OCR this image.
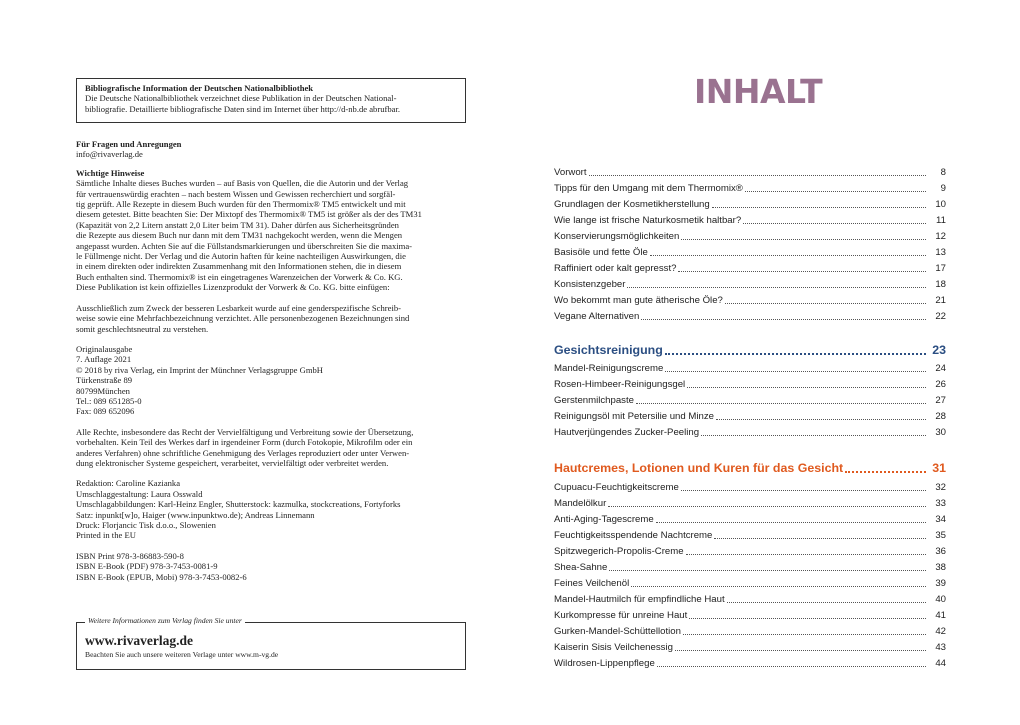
Bibliografische Information der Deutschen Nationalbibliothek

Die Deutsche Nationalbibliothek verzeichnet diese Publikation in der Deutschen National-
bibliografie. Detaillierte bibliografische Daten sind im Internet über http://d-nb.de abrufbar.

Für Fragen und Anregungen
info@rivaverlag.de
Wichtige Hinweise

Sämtliche Inhalte dieses Buches wurden – auf Basis von Quellen, die die Autorin und der Verlag
für vertrauenswürdig erachten – nach bestem Wissen und Gewissen recherchiert und sorgfäl-
tig geprüft. Alle Rezepte in diesem Buch wurden für den Thermomix® TM5 entwickelt und mit
diesem getestet. Bitte beachten Sie: Der Mixtopf des Thermomix® TM5 ist größer als der des TM31
(Kapazität von 2,2 Litern anstatt 2,0 Liter beim TM 31). Daher dürfen aus Sicherheitsgründen
die Rezepte aus diesem Buch nur dann mit dem TM31 nachgekocht werden, wenn die Mengen
angepasst wurden. Achten Sie auf die Füllstandsmarkierungen und überschreiten Sie die maxima-
le Füllmenge nicht. Der Verlag und die Autorin haften für keine nachteiligen Auswirkungen, die
in einem direkten oder indirekten Zusammenhang mit den Informationen stehen, die in diesem
Buch enthalten sind. Thermomix® ist ein eingetragenes Warenzeichen der Vorwerk & Co. KG.
Diese Publikation ist kein offizielles Lizenzprodukt der Vorwerk & Co. KG. bitte einfügen:

Ausschließlich zum Zweck der besseren Lesbarkeit wurde auf eine genderspezifische Schreib-
weise sowie eine Mehrfachbezeichnung verzichtet. Alle personenbezogenen Bezeichnungen sind
somit geschlechtsneutral zu verstehen.

Originalausgabe
7. Auflage 2021
© 2018 by riva Verlag, ein Imprint der Münchner Verlagsgruppe GmbH
Türkenstraße 89
80799München
Tel.: 089 651285-0
Fax: 089 652096

Alle Rechte, insbesondere das Recht der Vervielfältigung und Verbreitung sowie der Übersetzung,
vorbehalten. Kein Teil des Werkes darf in irgendeiner Form (durch Fotokopie, Mikrofilm oder ein
anderes Verfahren) ohne schriftliche Genehmigung des Verlages reproduziert oder unter Verwen-
dung elektronischer Systeme gespeichert, verarbeitet, vervielfältigt oder verbreitet werden.

Redaktion: Caroline Kazianka
Umschlaggestaltung: Laura Osswald
Umschlagabbildungen: Karl-Heinz Engler, Shutterstock: kazmulka, stockcreations, Fortyforks
Satz: inpunkt[w]o, Haiger (www.inpunktwo.de); Andreas Linnemann
Druck: Florjancic Tisk d.o.o., Slowenien
Printed in the EU

ISBN Print 978-3-86883-590-8
ISBN E-Book (PDF) 978-3-7453-0081-9
ISBN E-Book (EPUB, Mobi) 978-3-7453-0082-6

Weitere Informationen zum Verlag finden Sie unter
www.rivaverlag.de
Beachten Sie auch unsere weiteren Verlage unter www.m-vg.de
INHALT
Vorwort	8
Tipps für den Umgang mit dem Thermomix®	9
Grundlagen der Kosmetikherstellung	10
Wie lange ist frische Naturkosmetik haltbar?	11
Konservierungsmöglichkeiten	12
Basisöle und fette Öle	13
Raffiniert oder kalt gepresst?	17
Konsistenzgeber	18
Wo bekommt man gute ätherische Öle?	21
Vegane Alternativen	22
Gesichtsreinigung	23
Mandel-Reinigungscreme	24
Rosen-Himbeer-Reinigungsgel	26
Gerstenmilchpaste	27
Reinigungsöl mit Petersilie und Minze	28
Hautverjüngendes Zucker-Peeling	30
Hautcremes, Lotionen und Kuren für das Gesicht	31
Cupuacu-Feuchtigkeitscreme	32
Mandelölkur	33
Anti-Aging-Tagescreme	34
Feuchtigkeitsspendende Nachtcreme	35
Spitzwegerich-Propolis-Creme	36
Shea-Sahne	38
Feines Veilchenöl	39
Mandel-Hautmilch für empfindliche Haut	40
Kurkompresse für unreine Haut	41
Gurken-Mandel-Schüttellotion	42
Kaiserin Sisis Veilchenessig	43
Wildrosen-Lippenpflege	44
